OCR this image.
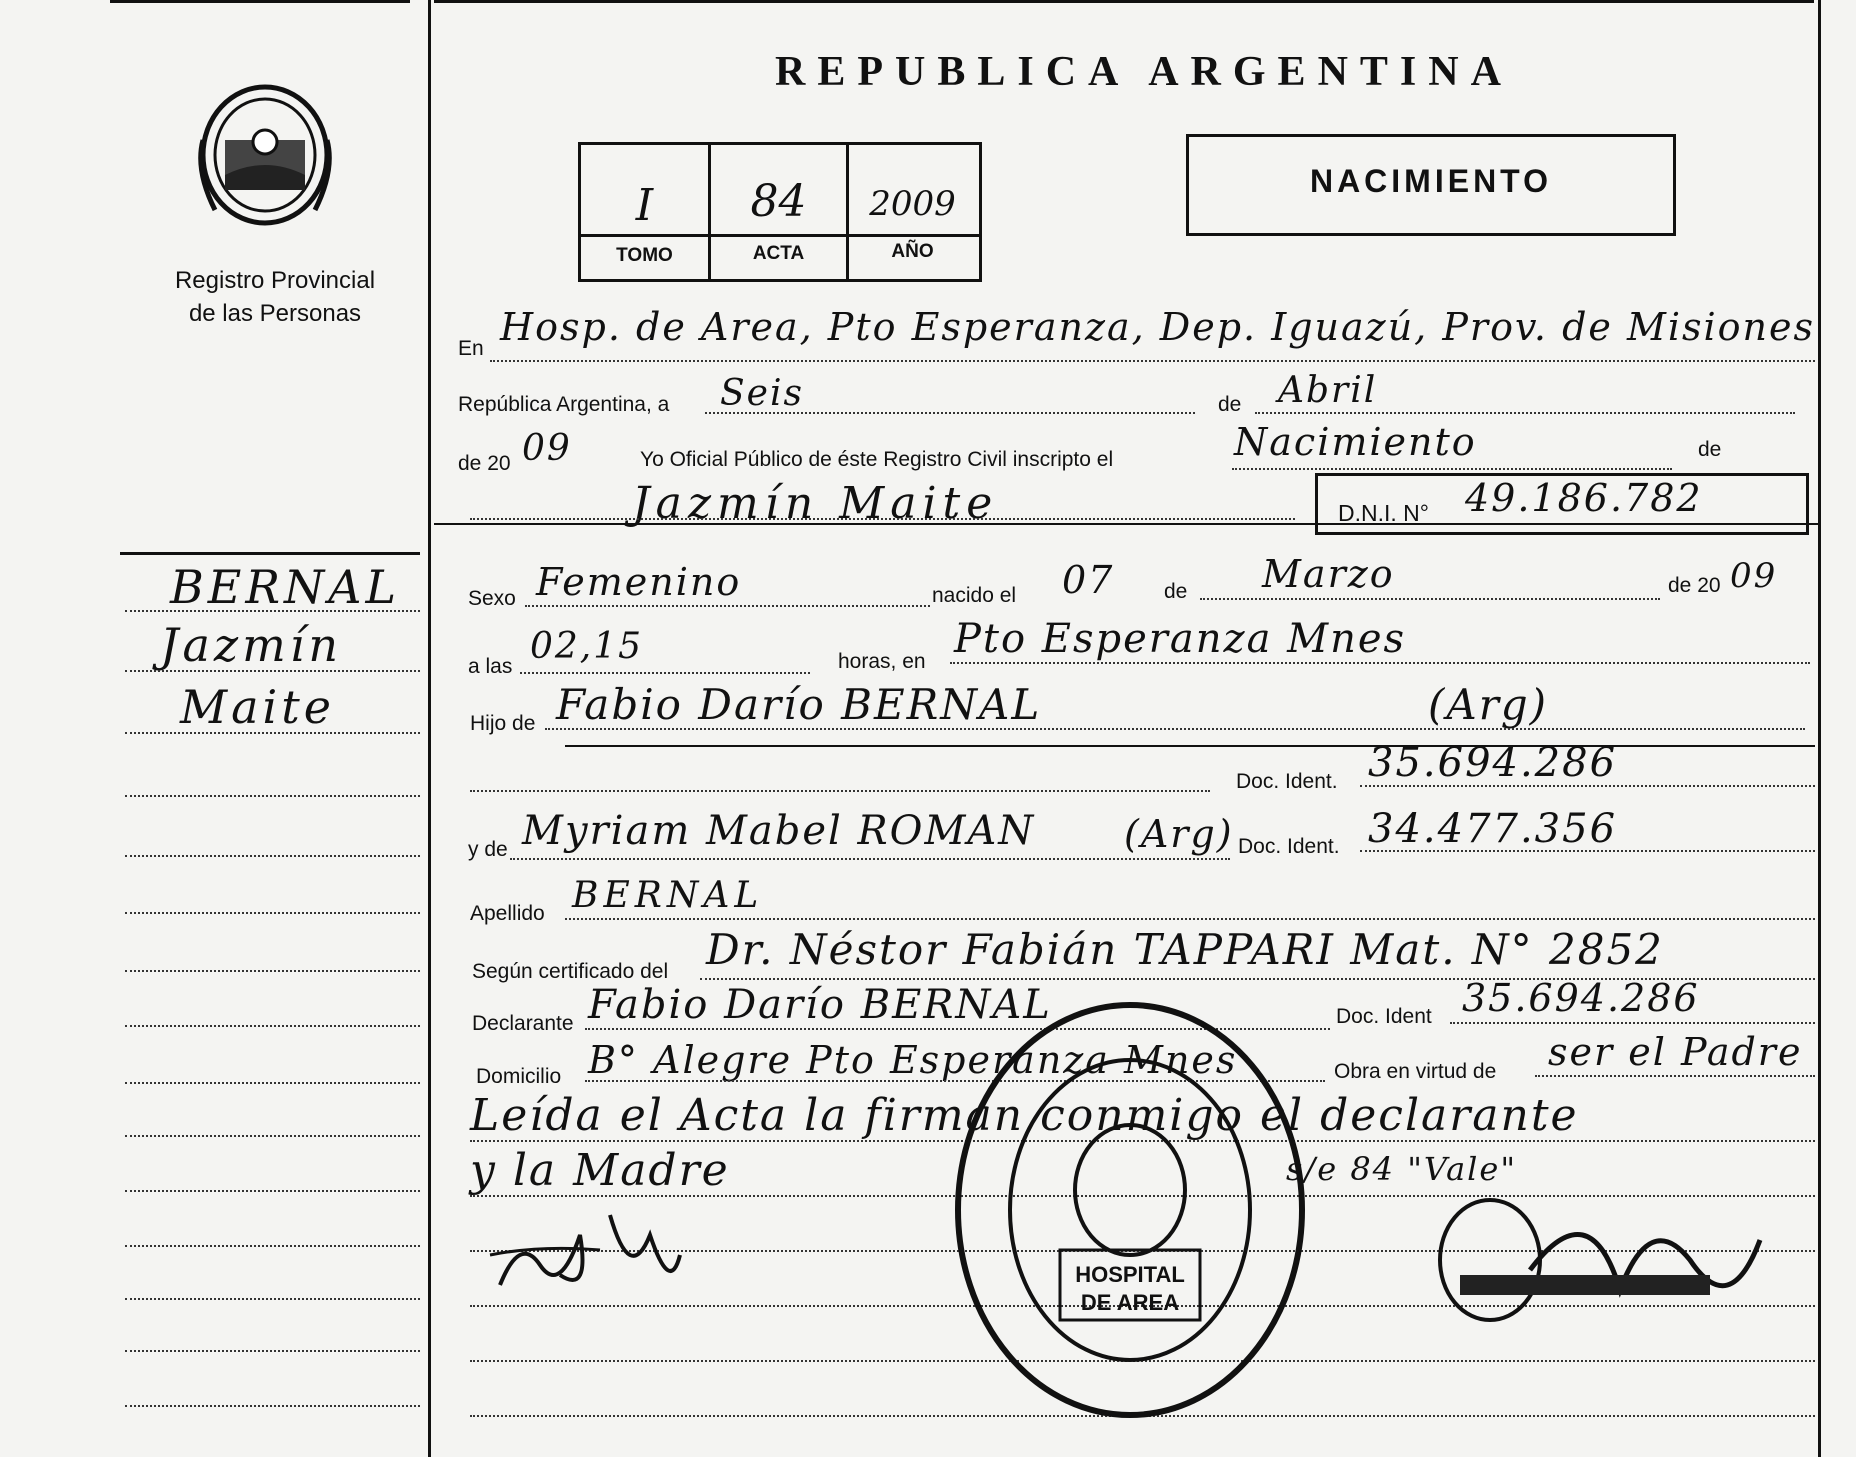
Registro Provincial
de las Personas
REPUBLICA ARGENTINA
I	84	2009
TOMO	ACTA	AÑO
NACIMIENTO
En Hosp. de Area, Pto Esperanza, Dep. Iguazú, Prov. de Misiones
República Argentina, a Seis	de Abril
de 20 09	Yo Oficial Público de éste Registro Civil inscripto el	Nacimiento	de
Jazmín Maite	D.N.I. N° 49.186.782
Sexo Femenino	nacido el 07 de Marzo	de 20 09
a las 02,15	horas, en Pto Esperanza Mnes
Hijo de Fabio Darío BERNAL	(Arg)
Doc. Ident. 35.694.286
y de Myriam Mabel ROMAN (Arg) Doc. Ident. 34.477.356
Apellido BERNAL
Según certificado del Dr. Néstor Fabián TAPPARI Mat. N° 2852
Declarante Fabio Darío BERNAL	Doc. Ident 35.694.286
Domicilio B° Alegre Pto Esperanza Mnes	Obra en virtud de ser el Padre
Leída el Acta la firman conmigo el declarante
y la Madre	s/e 84 "Vale"
HOSPITAL
DE AREA
BERNAL
Jazmín
Maite
